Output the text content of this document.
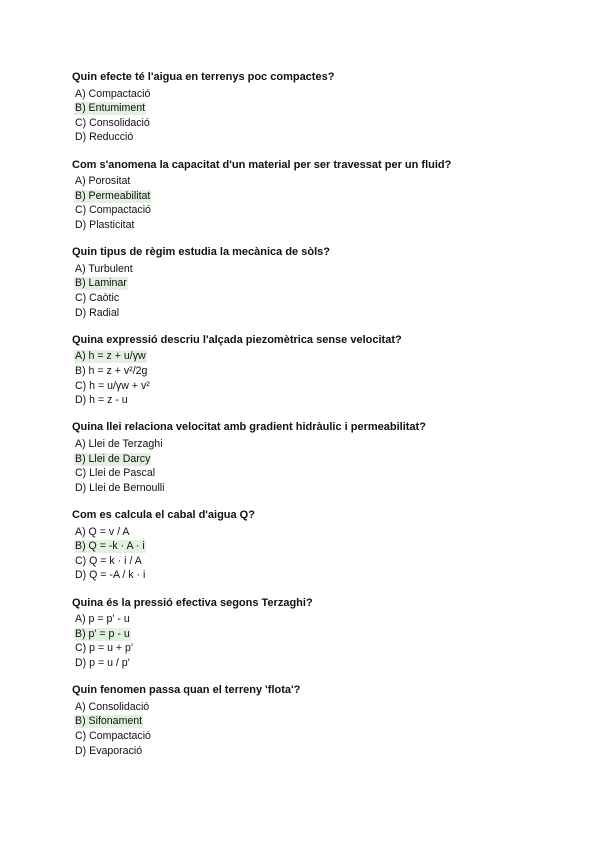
Quin efecte té l'aigua en terrenys poc compactes?

A) Compactació
B) Entumiment
C) Consolidació
D) Reducció

Com s'anomena la capacitat d'un material per ser travessat per un fluid?

A) Porositat
B) Permeabilitat
C) Compactació
D) Plasticitat

Quin tipus de règim estudia la mecànica de sòls?

A) Turbulent
B) Laminar
C) Caòtic
D) Radial

Quina expressió descriu l'alçada piezomètrica sense velocitat?

A) h = z + u/γw
B) h = z + v²/2g
C) h = u/γw + v²
D) h = z - u

Quina llei relaciona velocitat amb gradient hidràulic i permeabilitat?

A) Llei de Terzaghi
B) Llei de Darcy
C) Llei de Pascal
D) Llei de Bernoulli

Com es calcula el cabal d'aigua Q?

A) Q = v / A
B) Q = -k · A · i
C) Q = k · i / A
D) Q = -A / k · i

Quina és la pressió efectiva segons Terzaghi?

A) p = p' - u
B) p' = p - u
C) p = u + p'
D) p = u / p'

Quin fenomen passa quan el terreny 'flota'?

A) Consolidació
B) Sifonament
C) Compactació
D) Evaporació
